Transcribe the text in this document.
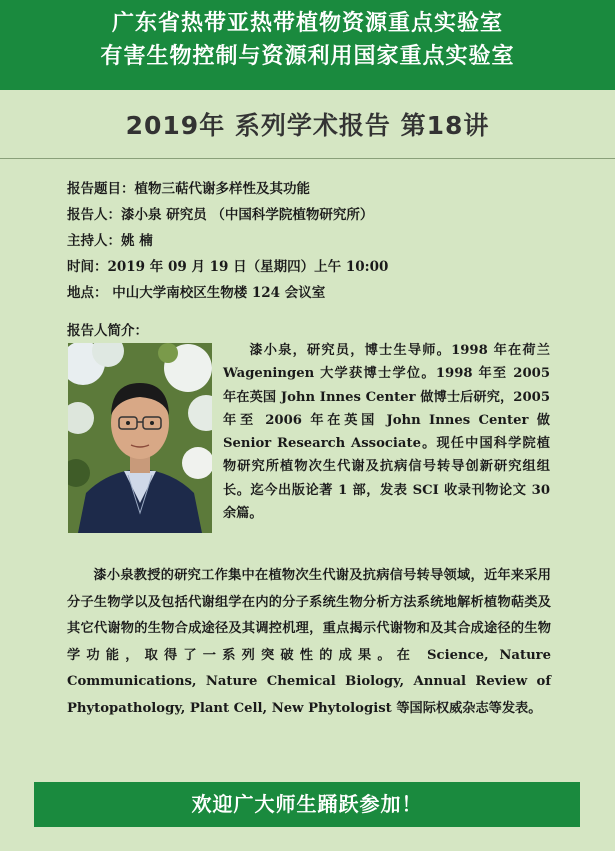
广东省热带亚热带植物资源重点实验室
有害生物控制与资源利用国家重点实验室
2019年 系列学术报告 第18讲
报告题目：植物三萜代谢多样性及其功能
报告人：漆小泉 研究员 （中国科学院植物研究所）
主持人：姚 楠
时间：2019 年 09 月 19 日（星期四）上午 10:00
地点： 中山大学南校区生物楼 124 会议室
报告人简介：

漆小泉，研究员，博士生导师。1998 年在荷兰 Wageningen 大学获博士学位。1998 年至 2005 年在英国 John Innes Center 做博士后研究，2005 年至 2006 年在英国 John Innes Center 做 Senior Research Associate。现任中国科学院植物研究所植物次生代谢及抗病信号转导创新研究组组长。迄今出版论著 1 部，发表 SCI 收录刊物论文 30 余篇。

漆小泉教授的研究工作集中在植物次生代谢及抗病信号转导领域，近年来采用分子生物学以及包括代谢组学在内的分子系统生物分析方法系统地解析植物萜类及其它代谢物的生物合成途径及其调控机理，重点揭示代谢物和及其合成途径的生物学功能，取得了一系列突破性的成果。在 Science, Nature Communications, Nature Chemical Biology, Annual Review of Phytopathology, Plant Cell, New Phytologist 等国际权威杂志等发表。

欢迎广大师生踊跃参加！
